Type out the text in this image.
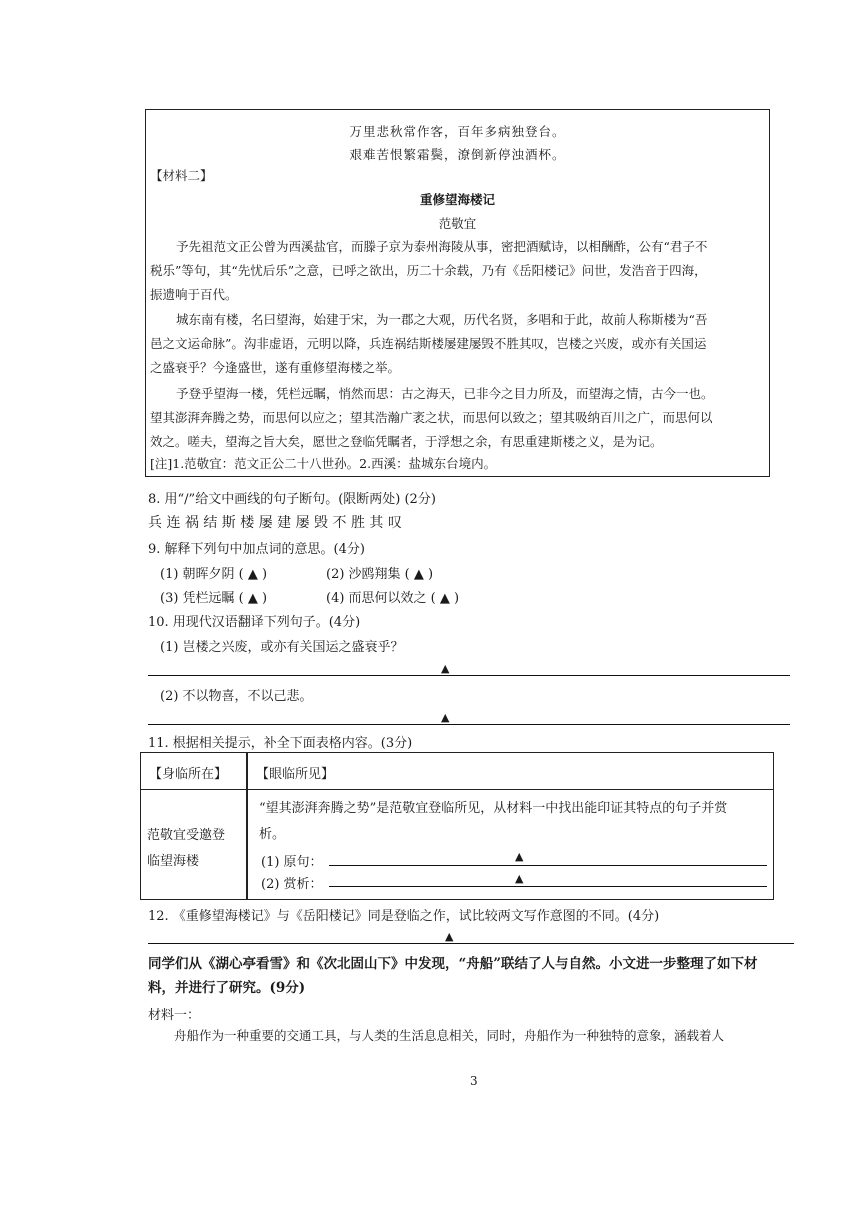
万里悲秋常作客，百年多病独登台。
艰难苦恨繁霜鬓，潦倒新停浊酒杯。
【材料二】
重修望海楼记
范敬宜
予先祖范文正公曾为西溪盐官，而滕子京为泰州海陵从事，密把酒赋诗，以相酬酢，公有“君子不
税乐”等句，其“先忧后乐”之意，已呼之欲出，历二十余载，乃有《岳阳楼记》问世，发浩音于四海，
振遗响于百代。
城东南有楼，名曰望海，始建于宋，为一郡之大观，历代名贤，多唱和于此，故前人称斯楼为“吾
邑之文运命脉”。沟非虚语，元明以降，兵连祸结斯楼屡建屡毁不胜其叹，岂楼之兴废，或亦有关国运
之盛衰乎？今逢盛世，遂有重修望海楼之举。
予登乎望海一楼，凭栏远瞩，悄然而思：古之海天，已非今之目力所及，而望海之情，古今一也。
望其澎湃奔腾之势，而思何以应之；望其浩瀚广袤之状，而思何以致之；望其吸纳百川之广，而思何以
效之。嗟夫，望海之旨大矣，愿世之登临凭瞩者，于浮想之余，有思重建斯楼之义，是为记。
[注]1.范敬宜：范文正公二十八世孙。2.西溪：盐城东台境内。
8. 用“/”给文中画线的句子断句。(限断两处) (2分)
兵 连 祸 结 斯 楼 屡 建 屡 毁 不 胜 其 叹
9. 解释下列句中加点词的意思。(4分)
(1) 朝晖夕阴 ( ▲ )	(2) 沙鸥翔集 ( ▲ )
(3) 凭栏远瞩 ( ▲ )	(4) 而思何以效之 ( ▲ )
10. 用现代汉语翻译下列句子。(4分)
(1) 岂楼之兴废，或亦有关国运之盛衰乎？
▲
(2) 不以物喜，不以己悲。
▲
11. 根据相关提示，补全下面表格内容。(3分)
【身临所在】 【眼临所见】
范敬宜受邀登
临望海楼
“望其澎湃奔腾之势”是范敬宜登临所见，从材料一中找出能印证其特点的句子并赏
析。
(1) 原句：	▲
(2) 赏析：	▲
12. 《重修望海楼记》与《岳阳楼记》同是登临之作，试比较两文写作意图的不同。(4分)
▲
同学们从《湖心亭看雪》和《次北固山下》中发现，“舟船”联结了人与自然。小文进一步整理了如下材
料，并进行了研究。(9分)
材料一：
舟船作为一种重要的交通工具，与人类的生活息息相关，同时，舟船作为一种独特的意象，涵载着人
3
